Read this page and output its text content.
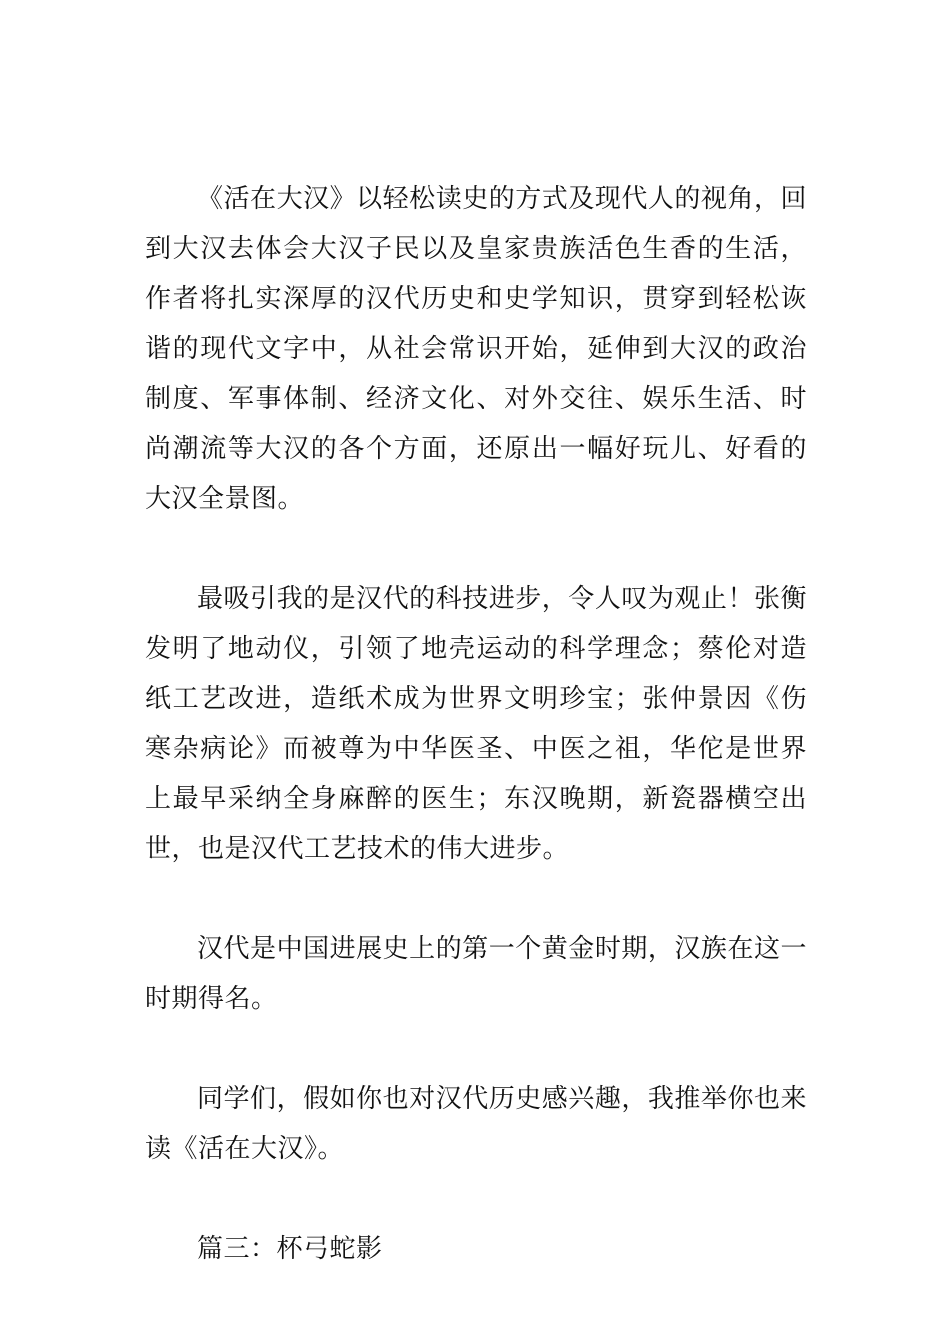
《活在大汉》以轻松读史的方式及现代人的视角，回到大汉去体会大汉子民以及皇家贵族活色生香的生活，作者将扎实深厚的汉代历史和史学知识，贯穿到轻松诙谐的现代文字中，从社会常识开始，延伸到大汉的政治制度、军事体制、经济文化、对外交往、娱乐生活、时尚潮流等大汉的各个方面，还原出一幅好玩儿、好看的大汉全景图。

最吸引我的是汉代的科技进步，令人叹为观止！张衡发明了地动仪，引领了地壳运动的科学理念；蔡伦对造纸工艺改进，造纸术成为世界文明珍宝；张仲景因《伤寒杂病论》而被尊为中华医圣、中医之祖，华佗是世界上最早采纳全身麻醉的医生；东汉晚期，新瓷器横空出世，也是汉代工艺技术的伟大进步。

汉代是中国进展史上的第一个黄金时期，汉族在这一时期得名。

同学们，假如你也对汉代历史感兴趣，我推举你也来读《活在大汉》。

篇三：杯弓蛇影
